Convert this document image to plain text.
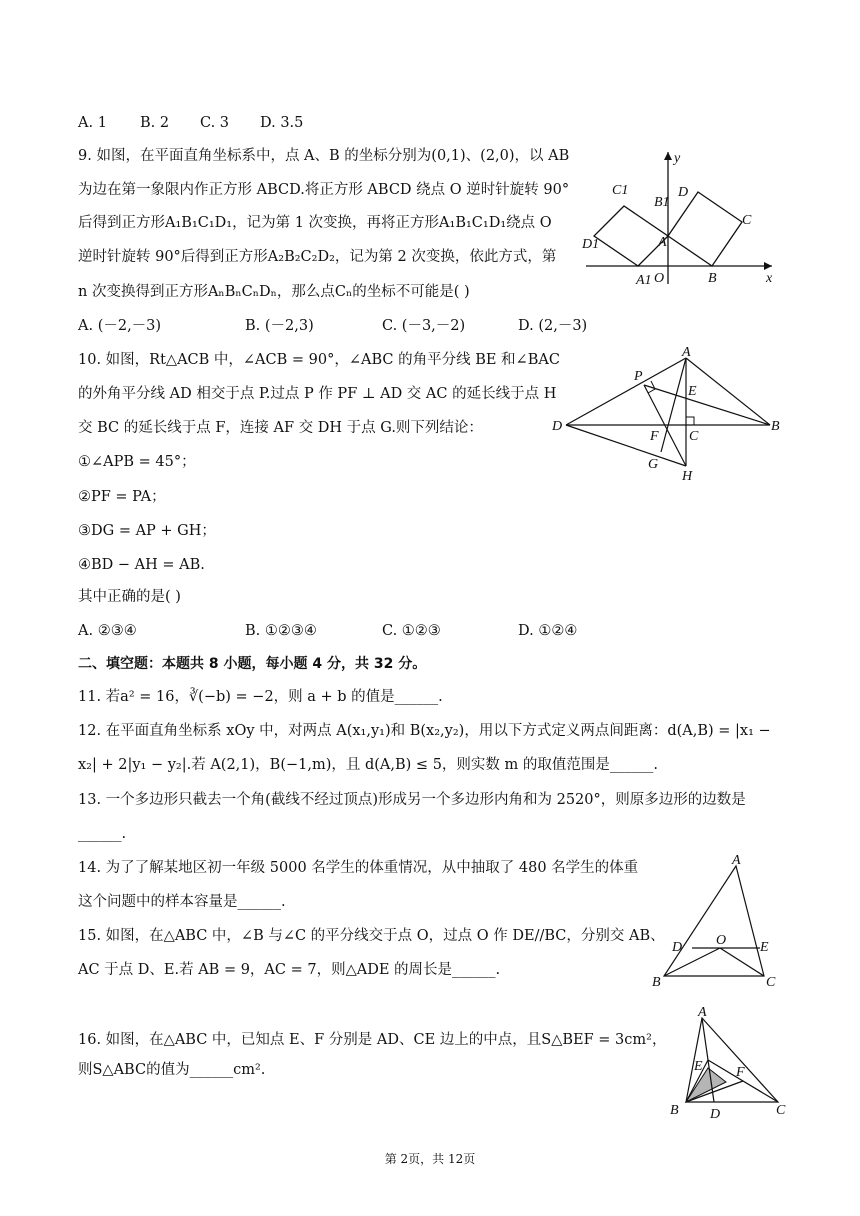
A. 1 B. 2 C. 3 D. 3.5
9. 如图，在平面直角坐标系中，点 A、B 的坐标分别为(0,1)、(2,0)，以 AB
为边在第一象限内作正方形 ABCD.将正方形 ABCD 绕点 O 逆时针旋转 90°
后得到正方形A₁B₁C₁D₁，记为第 1 次变换，再将正方形A₁B₁C₁D₁绕点 O
逆时针旋转 90°后得到正方形A₂B₂C₂D₂，记为第 2 次变换，依此方式，第
n 次变换得到正方形AₙBₙCₙDₙ，那么点Cₙ的坐标不可能是( )
A. (－2,－3)	B. (－2,3)	C. (－3,－2)	D. (2,－3)
y
x
O
A
B
C
D
A1
B1
C1
D1
10. 如图，Rt△ACB 中，∠ACB = 90°，∠ABC 的角平分线 BE 和∠BAC
的外角平分线 AD 相交于点 P.过点 P 作 PF ⊥ AD 交 AC 的延长线于点 H
交 BC 的延长线于点 F，连接 AF 交 DH 于点 G.则下列结论：
①∠APB = 45°；
②PF = PA；
③DG = AP + GH；
④BD − AH = AB.
其中正确的是( )
A. ②③④	B. ①②③④	C. ①②③	D. ①②④
A
P
E
D
F C
B
G
H
二、填空题：本题共 8 小题，每小题 4 分，共 32 分。
11. 若a² = 16，∛(−b) = −2，则 a + b 的值是______.
12. 在平面直角坐标系 xOy 中，对两点 A(x₁,y₁)和 B(x₂,y₂)，用以下方式定义两点间距离：d(A,B) = |x₁ −
x₂| + 2|y₁ − y₂|.若 A(2,1)，B(−1,m)，且 d(A,B) ≤ 5，则实数 m 的取值范围是______.
13. 一个多边形只截去一个角(截线不经过顶点)形成另一个多边形内角和为 2520°，则原多边形的边数是
______.
14. 为了了解某地区初一年级 5000 名学生的体重情况，从中抽取了 480 名学生的体重
这个问题中的样本容量是______.
15. 如图，在△ABC 中，∠B 与∠C 的平分线交于点 O，过点 O 作 DE//BC，分别交 AB、
AC 于点 D、E.若 AB = 9，AC = 7，则△ADE 的周长是______.
A
D O E
B	C
16. 如图，在△ABC 中，已知点 E、F 分别是 AD、CE 边上的中点，且S△BEF = 3cm²，
则S△ABC的值为______cm².
A
E F
B D	C
第 2页，共 12页
